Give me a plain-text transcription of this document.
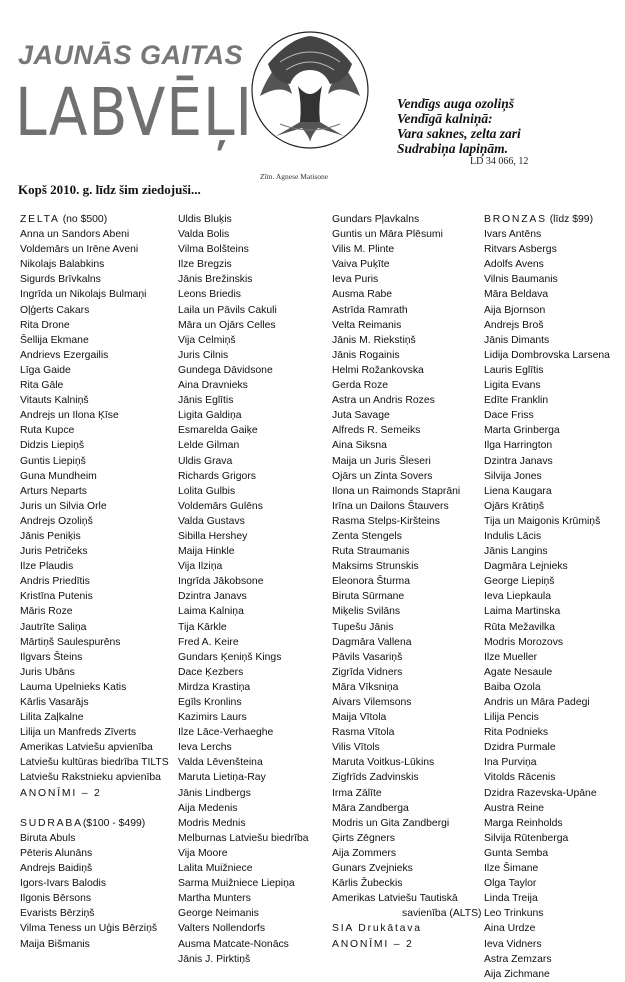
JAUNĀS GAITAS
LABVĒĻI
Zīm. Agnese Matisone
Vendīgs auga ozoliņš
Vendīgā kalniņā:
Vara saknes, zelta zari
Sudrabiņa lapiņām.
LD 34 066, 12
Kopš 2010. g. līdz šim ziedojuši...
ZELTA (no $500)
Anna un Sandors Abeni
Voldemārs un Irēne Aveni
Nikolajs Balabkins
Sigurds Brīvkalns
Ingrīda un Nikolajs Bulmaņi
Oļģerts Cakars
Rita Drone
Šellija Ekmane
Andrievs Ezergailis
Līga Gaide
Rita Gāle
Vitauts Kalniņš
Andrejs un Ilona Ķīse
Ruta Kupce
Didzis Liepiņš
Guntis Liepiņš
Guna Mundheim
Arturs Neparts
Juris un Silvia Orle
Andrejs Ozoliņš
Jānis Peniķis
Juris Petričeks
Ilze Plaudis
Andris Priedītis
Kristīna Putenis
Māris Roze
Jautrīte Saliņa
Mārtiņš Saulespurēns
Ilgvars Šteins
Juris Ubāns
Lauma Upelnieks Katis
Kārlis Vasarājs
Lilita Zaļkalne
Lilija un Manfreds Zīverts
Amerikas Latviešu apvienība
Latviešu kultūras biedrība TILTS
Latviešu Rakstnieku apvienība
ANONĪMI – 2
SUDRABA($100 - $499)
Biruta Abuls
Pēteris Alunāns
Andrejs Baidiņš
Igors-Ivars Balodis
Ilgonis Bērsons
Evarists Bērziņš
Vilma Teness un Uģis Bērziņš
Maija Bišmanis
Uldis Bluķis
Valda Bolis
Vilma Bolšteins
Ilze Bregzis
Jānis Brežinskis
Leons Briedis
Laila un Pāvils Cakuli
Māra un Ojārs Celles
Vija Celmiņš
Juris Cilnis
Gundega Dāvidsone
Aina Dravnieks
Jānis Eglītis
Ligita Galdiņa
Esmarelda Gaiķe
Lelde Gilman
Uldis Grava
Richards Grigors
Lolita Gulbis
Voldemārs Gulēns
Valda Gustavs
Sibilla Hershey
Maija Hinkle
Vija Ilziņa
Ingrīda Jākobsone
Dzintra Janavs
Laima Kalniņa
Tija Kārkle
Fred A. Keire
Gundars Ķeniņš Kings
Dace Ķezbers
Mirdza Krastiņa
Egīls Kronlins
Kazimirs Laurs
Ilze Lāce-Verhaeghe
Ieva Lerchs
Valda Lēvenšteina
Maruta Lietiņa-Ray
Jānis Lindbergs
Aija Medenis
Modris Mednis
Melburnas Latviešu biedrība
Vija Moore
Lalita Muižniece
Sarma Muižniece Liepiņa
Martha Munters
George Neimanis
Valters Nollendorfs
Ausma Matcate-Nonācs
Jānis J. Pirktiņš
Gundars Pļavkalns
Guntis un Māra Plēsumi
Vilis M. Plinte
Vaiva Puķīte
Ieva Puris
Ausma Rabe
Astrīda Ramrath
Velta Reimanis
Jānis M. Riekstiņš
Jānis Rogainis
Helmi Rožankovska
Gerda Roze
Astra un Andris Rozes
Juta Savage
Alfreds R. Semeiks
Aina Siksna
Maija un Juris Šleseri
Ojārs un Zinta Sovers
Ilona un Raimonds Staprāni
Irīna un Dailons Štauvers
Rasma Stelps-Kiršteins
Zenta Stengels
Ruta Straumanis
Maksims Strunskis
Eleonora Šturma
Biruta Sūrmane
Miķelis Svilāns
Tupešu Jānis
Dagmāra Vallena
Pāvils Vasariņš
Zigrīda Vidners
Māra Vīksniņa
Aivars Vilemsons
Maija Vītola
Rasma Vītola
Vilis Vītols
Maruta Voitkus-Lūkins
Zigfrīds Zadvinskis
Irma Zālīte
Māra Zandberga
Modris un Gita Zandbergi
Ģirts Zēgners
Aija Zommers
Gunars Zvejnieks
Kārlis Žubeckis
Amerikas Latviešu Tautiskā
savienība (ALTS)
SIA Drukātava
ANONĪMI – 2
BRONZAS (līdz $99)
Ivars Antēns
Ritvars Asbergs
Adolfs Avens
Vilnis Baumanis
Māra Beldava
Aija Bjornson
Andrejs Broš
Jānis Dimants
Lidija Dombrovska Larsena
Lauris Eglītis
Ligita Evans
Edīte Franklin
Dace Friss
Marta Grinberga
Ilga Harrington
Dzintra Janavs
Silvija Jones
Liena Kaugara
Ojārs Krātiņš
Tija un Maigonis Krūmiņš
Indulis Lācis
Jānis Langins
Dagmāra Lejnieks
George Liepiņš
Ieva Liepkaula
Laima Martinska
Rūta Mežavilka
Modris Morozovs
Ilze Mueller
Agate Nesaule
Baiba Ozola
Andris un Māra Padegi
Lilija Pencis
Rita Podnieks
Dzidra Purmale
Ina Purviņa
Vitolds Rācenis
Dzidra Razevska-Upāne
Austra Reine
Marga Reinholds
Silvija Rūtenberga
Gunta Semba
Ilze Šimane
Olga Taylor
Linda Treija
Leo Trinkuns
Aina Urdze
Ieva Vidners
Astra Zemzars
Aija Zichmane
